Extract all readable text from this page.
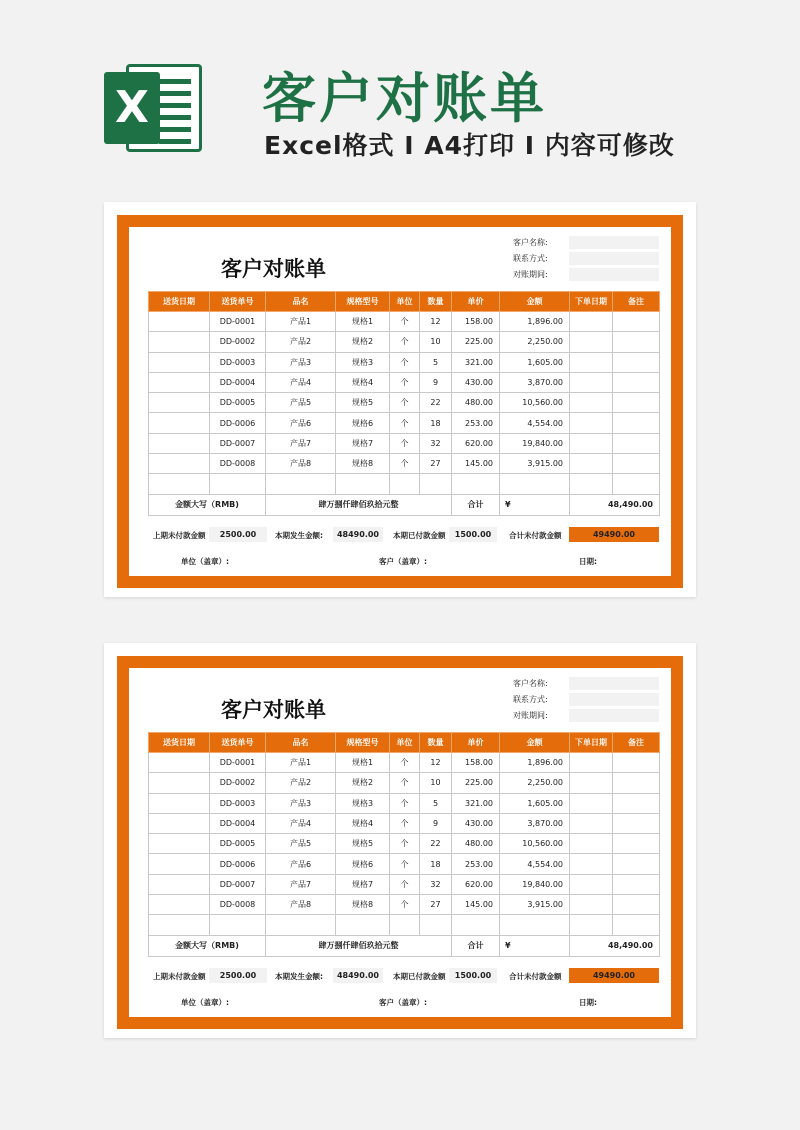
X 客户对账单
Excel格式 I A4打印 I 内容可修改
客户对账单
客户名称:
联系方式:
对账期间:
送货日期	送货单号	品名	规格型号	单位	数量	单价	金额	下单日期	备注
	DD-0001	产品1	规格1	个	12	158.00	1,896.00		
	DD-0002	产品2	规格2	个	10	225.00	2,250.00		
	DD-0003	产品3	规格3	个	5	321.00	1,605.00		
	DD-0004	产品4	规格4	个	9	430.00	3,870.00		
	DD-0005	产品5	规格5	个	22	480.00	10,560.00		
	DD-0006	产品6	规格6	个	18	253.00	4,554.00		
	DD-0007	产品7	规格7	个	32	620.00	19,840.00		
	DD-0008	产品8	规格8	个	27	145.00	3,915.00		

金额大写（RMB)		肆万捌仟肆佰玖拾元整				合计	¥	48,490.00	
上期未付款金额	2500.00	本期发生金额:	48490.00	本期已付款金额	1500.00	合计未付款金额	49490.00
单位（盖章）:	客户（盖章）:	日期:
客户对账单
客户名称:
联系方式:
对账期间:
送货日期	送货单号	品名	规格型号	单位	数量	单价	金额	下单日期	备注
	DD-0001	产品1	规格1	个	12	158.00	1,896.00		
	DD-0002	产品2	规格2	个	10	225.00	2,250.00		
	DD-0003	产品3	规格3	个	5	321.00	1,605.00		
	DD-0004	产品4	规格4	个	9	430.00	3,870.00		
	DD-0005	产品5	规格5	个	22	480.00	10,560.00		
	DD-0006	产品6	规格6	个	18	253.00	4,554.00		
	DD-0007	产品7	规格7	个	32	620.00	19,840.00		
	DD-0008	产品8	规格8	个	27	145.00	3,915.00		

金额大写（RMB)		肆万捌仟肆佰玖拾元整				合计	¥	48,490.00	
上期未付款金额	2500.00	本期发生金额:	48490.00	本期已付款金额	1500.00	合计未付款金额	49490.00
单位（盖章）:	客户（盖章）:	日期:
